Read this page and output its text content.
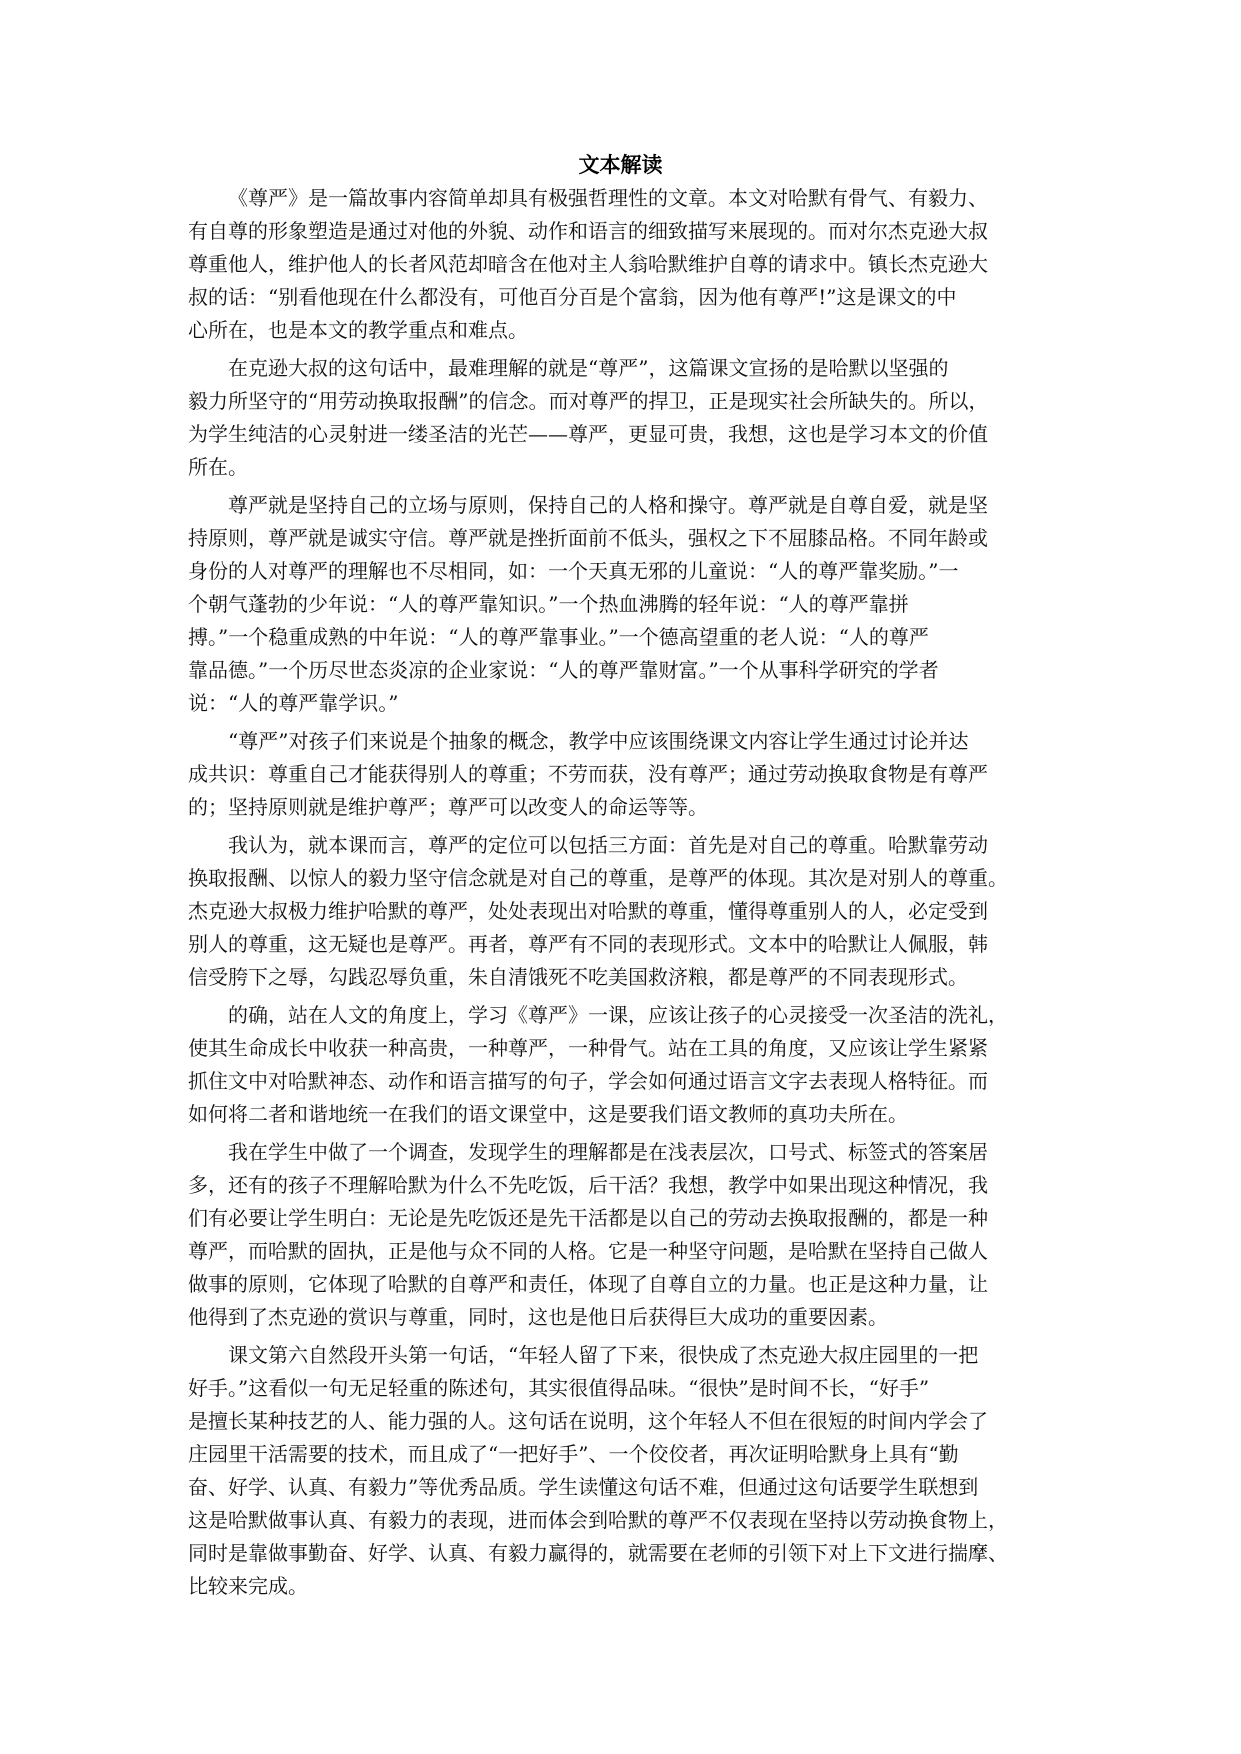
文本解读
《尊严》是一篇故事内容简单却具有极强哲理性的文章。本文对哈默有骨气、有毅力、
有自尊的形象塑造是通过对他的外貌、动作和语言的细致描写来展现的。而对尔杰克逊大叔
尊重他人，维护他人的长者风范却暗含在他对主人翁哈默维护自尊的请求中。镇长杰克逊大
叔的话：“别看他现在什么都没有，可他百分百是个富翁，因为他有尊严!”这是课文的中
心所在，也是本文的教学重点和难点。
在克逊大叔的这句话中，最难理解的就是“尊严”，这篇课文宣扬的是哈默以坚强的
毅力所坚守的“用劳动换取报酬”的信念。而对尊严的捍卫，正是现实社会所缺失的。所以，
为学生纯洁的心灵射进一缕圣洁的光芒——尊严，更显可贵，我想，这也是学习本文的价值
所在。
尊严就是坚持自己的立场与原则，保持自己的人格和操守。尊严就是自尊自爱，就是坚
持原则，尊严就是诚实守信。尊严就是挫折面前不低头，强权之下不屈膝品格。不同年龄或
身份的人对尊严的理解也不尽相同，如：一个天真无邪的儿童说：“人的尊严靠奖励。”一
个朝气蓬勃的少年说：“人的尊严靠知识。”一个热血沸腾的轻年说：“人的尊严靠拼
搏。”一个稳重成熟的中年说：“人的尊严靠事业。”一个德高望重的老人说：“人的尊严
靠品德。”一个历尽世态炎凉的企业家说：“人的尊严靠财富。”一个从事科学研究的学者
说：“人的尊严靠学识。”
“尊严”对孩子们来说是个抽象的概念，教学中应该围绕课文内容让学生通过讨论并达
成共识：尊重自己才能获得别人的尊重；不劳而获，没有尊严；通过劳动换取食物是有尊严
的；坚持原则就是维护尊严；尊严可以改变人的命运等等。
我认为，就本课而言，尊严的定位可以包括三方面：首先是对自己的尊重。哈默靠劳动
换取报酬、以惊人的毅力坚守信念就是对自己的尊重，是尊严的体现。其次是对别人的尊重。
杰克逊大叔极力维护哈默的尊严，处处表现出对哈默的尊重，懂得尊重别人的人，必定受到
别人的尊重，这无疑也是尊严。再者，尊严有不同的表现形式。文本中的哈默让人佩服，韩
信受胯下之辱，勾践忍辱负重，朱自清饿死不吃美国救济粮，都是尊严的不同表现形式。
的确，站在人文的角度上，学习《尊严》一课，应该让孩子的心灵接受一次圣洁的洗礼，
使其生命成长中收获一种高贵，一种尊严，一种骨气。站在工具的角度，又应该让学生紧紧
抓住文中对哈默神态、动作和语言描写的句子，学会如何通过语言文字去表现人格特征。而
如何将二者和谐地统一在我们的语文课堂中，这是要我们语文教师的真功夫所在。
我在学生中做了一个调查，发现学生的理解都是在浅表层次，口号式、标签式的答案居
多，还有的孩子不理解哈默为什么不先吃饭，后干活？我想，教学中如果出现这种情况，我
们有必要让学生明白：无论是先吃饭还是先干活都是以自己的劳动去换取报酬的，都是一种
尊严，而哈默的固执，正是他与众不同的人格。它是一种坚守问题，是哈默在坚持自己做人
做事的原则，它体现了哈默的自尊严和责任，体现了自尊自立的力量。也正是这种力量，让
他得到了杰克逊的赏识与尊重，同时，这也是他日后获得巨大成功的重要因素。
课文第六自然段开头第一句话，“年轻人留了下来，很快成了杰克逊大叔庄园里的一把
好手。”这看似一句无足轻重的陈述句，其实很值得品味。“很快”是时间不长，“好手”
是擅长某种技艺的人、能力强的人。这句话在说明，这个年轻人不但在很短的时间内学会了
庄园里干活需要的技术，而且成了“一把好手”、一个佼佼者，再次证明哈默身上具有“勤
奋、好学、认真、有毅力”等优秀品质。学生读懂这句话不难，但通过这句话要学生联想到
这是哈默做事认真、有毅力的表现，进而体会到哈默的尊严不仅表现在坚持以劳动换食物上，
同时是靠做事勤奋、好学、认真、有毅力赢得的，就需要在老师的引领下对上下文进行揣摩、
比较来完成。
